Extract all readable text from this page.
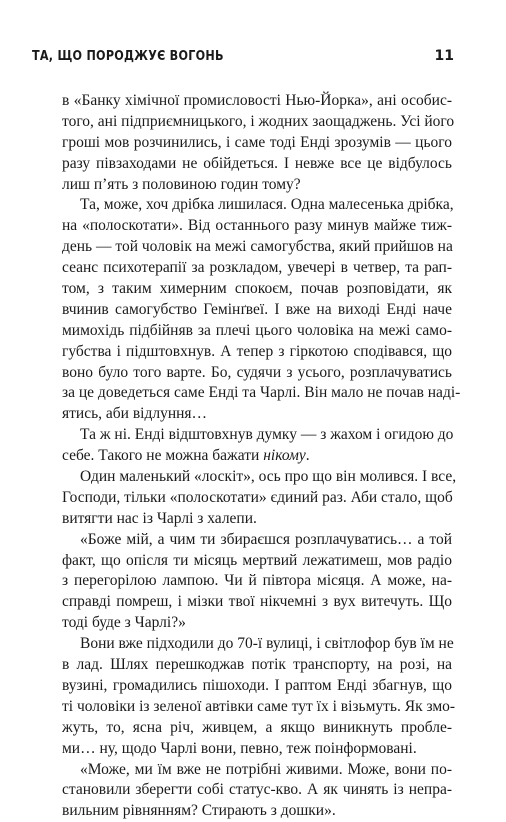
ТА, ЩО ПОРОДЖУЄ ВОГОНЬ	11
в «Банку хімічної промисловості Нью-Йорка», ані особис-
того, ані підприємницького, і жодних заощаджень. Усі його
гроші мов розчинились, і саме тоді Енді зрозумів — цього
разу півзаходами не обійдеться. І невже все це відбулось
лиш п’ять з половиною годин тому?
Та, може, хоч дрібка лишилася. Одна малесенька дрібка,
на «полоскотати». Від останнього разу минув майже тиж-
день — той чоловік на межі самогубства, який прийшов на
сеанс психотерапії за розкладом, увечері в четвер, та рап-
том, з таким химерним спокоєм, почав розповідати, як
вчинив самогубство Гемінґвеї. І вже на виході Енді наче
мимохідь підбійняв за плечі цього чоловіка на межі само-
губства і підштовхнув. А тепер з гіркотою сподівався, що
воно було того варте. Бо, судячи з усього, розплачуватись
за це доведеться саме Енді та Чарлі. Він мало не почав наді-
ятись, аби відлуння…
Та ж ні. Енді відштовхнув думку — з жахом і огидою до
себе. Такого не можна бажати нікому.
Один маленький «лоскіт», ось про що він молився. І все,
Господи, тільки «полоскотати» єдиний раз. Аби стало, щоб
витягти нас із Чарлі з халепи.
«Боже мій, а чим ти збираєшся розплачуватись… а той
факт, що опісля ти місяць мертвий лежатимеш, мов радіо
з перегорілою лампою. Чи й півтора місяця. А може, на-
справді помреш, і мізки твої нікчемні з вух витечуть. Що
тоді буде з Чарлі?»
Вони вже підходили до 70-ї вулиці, і світлофор був їм не
в лад. Шлях перешкоджав потік транспорту, на розі, на
вузині, громадились пішоходи. І раптом Енді збагнув, що
ті чоловіки із зеленої автівки саме тут їх і візьмуть. Як змо-
жуть, то, ясна річ, живцем, а якщо виникнуть пробле-
ми… ну, щодо Чарлі вони, певно, теж поінформовані.
«Може, ми їм вже не потрібні живими. Може, вони по-
становили зберегти собі статус-кво. А як чинять із непра-
вильним рівнянням? Стирають з дошки».
